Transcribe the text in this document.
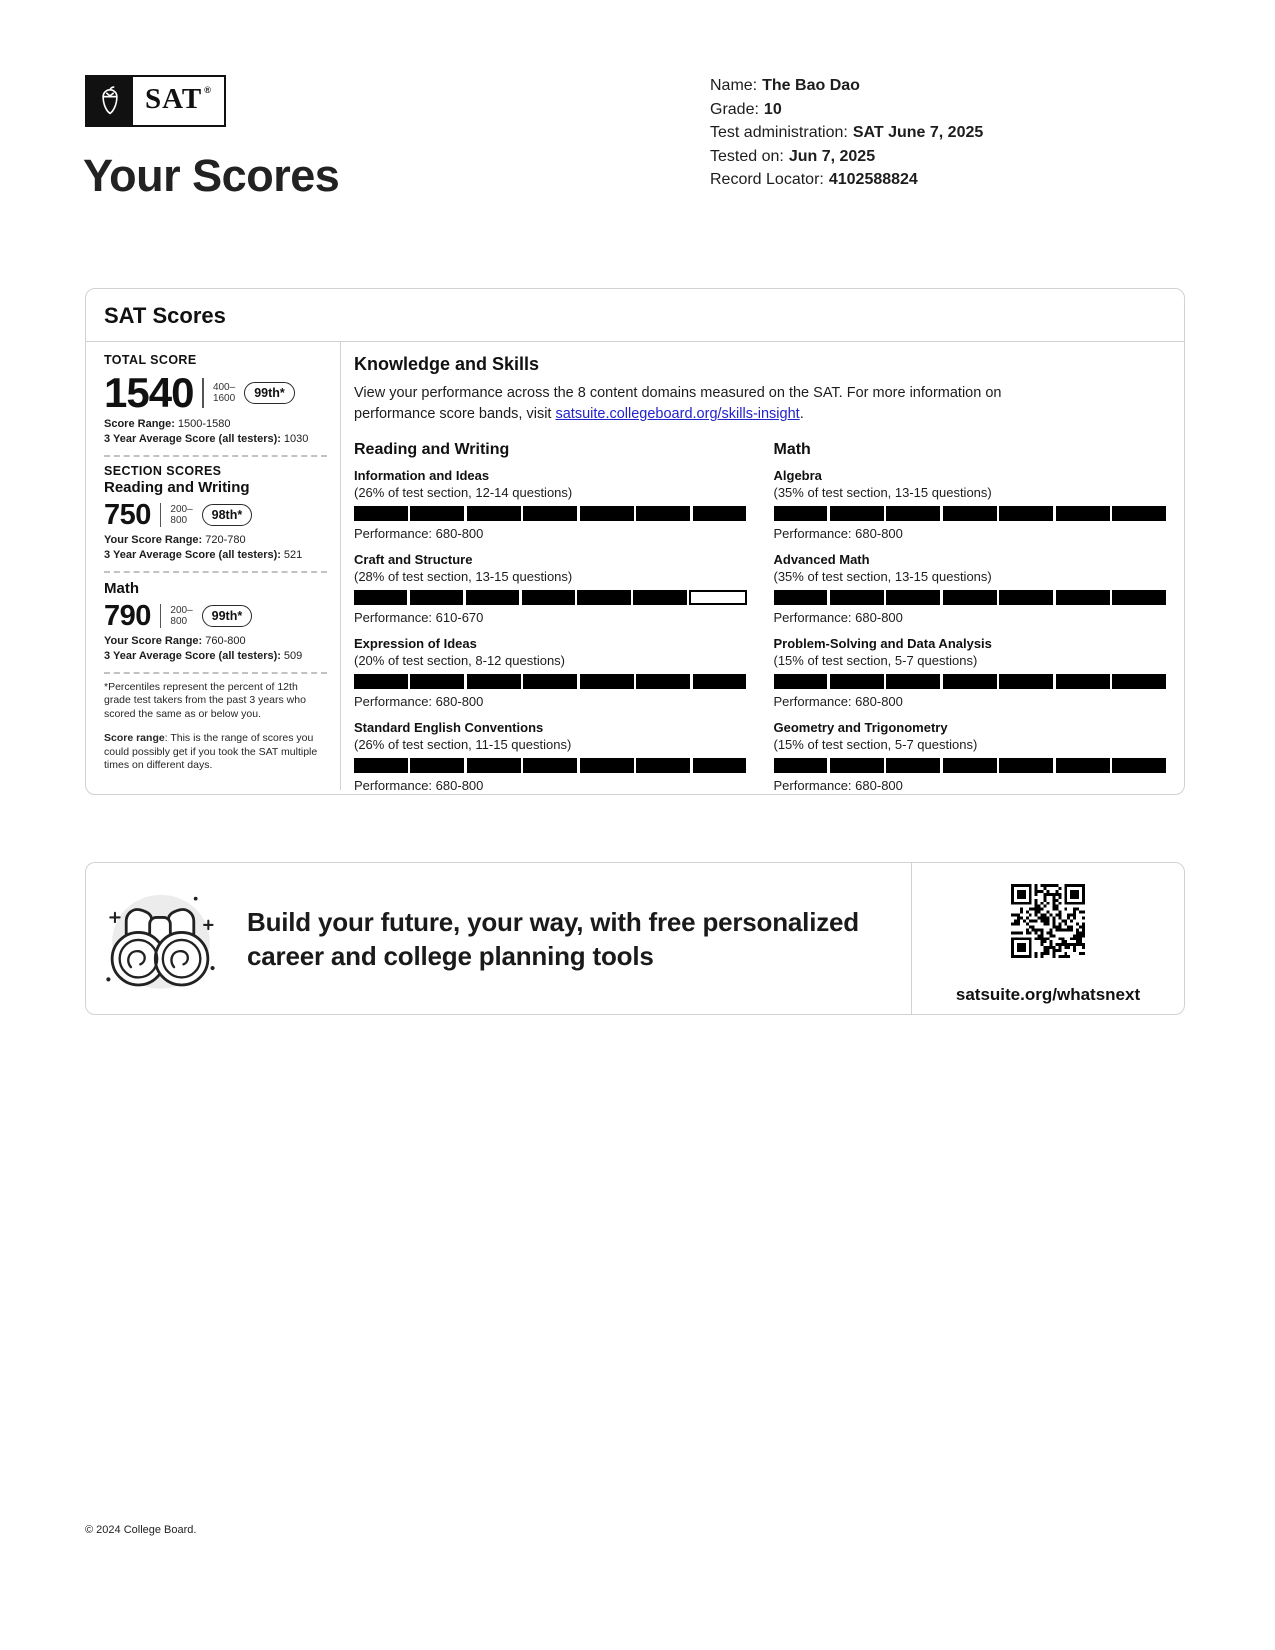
SAT ®
Your Scores
Name: The Bao Dao
Grade: 10
Test administration: SAT June 7, 2025
Tested on: Jun 7, 2025
Record Locator: 4102588824
SAT Scores
TOTAL SCORE
1540 400–
1600	99th*
Score Range: 1500-1580
3 Year Average Score (all testers): 1030
SECTION SCORES
Reading and Writing
750 200–
800	98th*
Your Score Range: 720-780
3 Year Average Score (all testers): 521
Math
790 200–
800	99th*
Your Score Range: 760-800
3 Year Average Score (all testers): 509
*Percentiles represent the percent of 12th grade test takers from the past 3 years who scored the same as or below you.
Score range: This is the range of scores you could possibly get if you took the SAT multiple times on different days.
Knowledge and Skills
View your performance across the 8 content domains measured on the SAT. For more information on performance score bands, visit satsuite.collegeboard.org/skills-insight.
Reading and Writing
Information and Ideas
(26% of test section, 12-14 questions)
Performance: 680-800
Craft and Structure
(28% of test section, 13-15 questions)
Performance: 610-670
Expression of Ideas
(20% of test section, 8-12 questions)
Performance: 680-800
Standard English Conventions
(26% of test section, 11-15 questions)
Performance: 680-800
Math
Algebra
(35% of test section, 13-15 questions)
Performance: 680-800
Advanced Math
(35% of test section, 13-15 questions)
Performance: 680-800
Problem-Solving and Data Analysis
(15% of test section, 5-7 questions)
Performance: 680-800
Geometry and Trigonometry
(15% of test section, 5-7 questions)
Performance: 680-800
Build your future, your way, with free personalized career and college planning tools
satsuite.org/whatsnext
© 2024 College Board.
